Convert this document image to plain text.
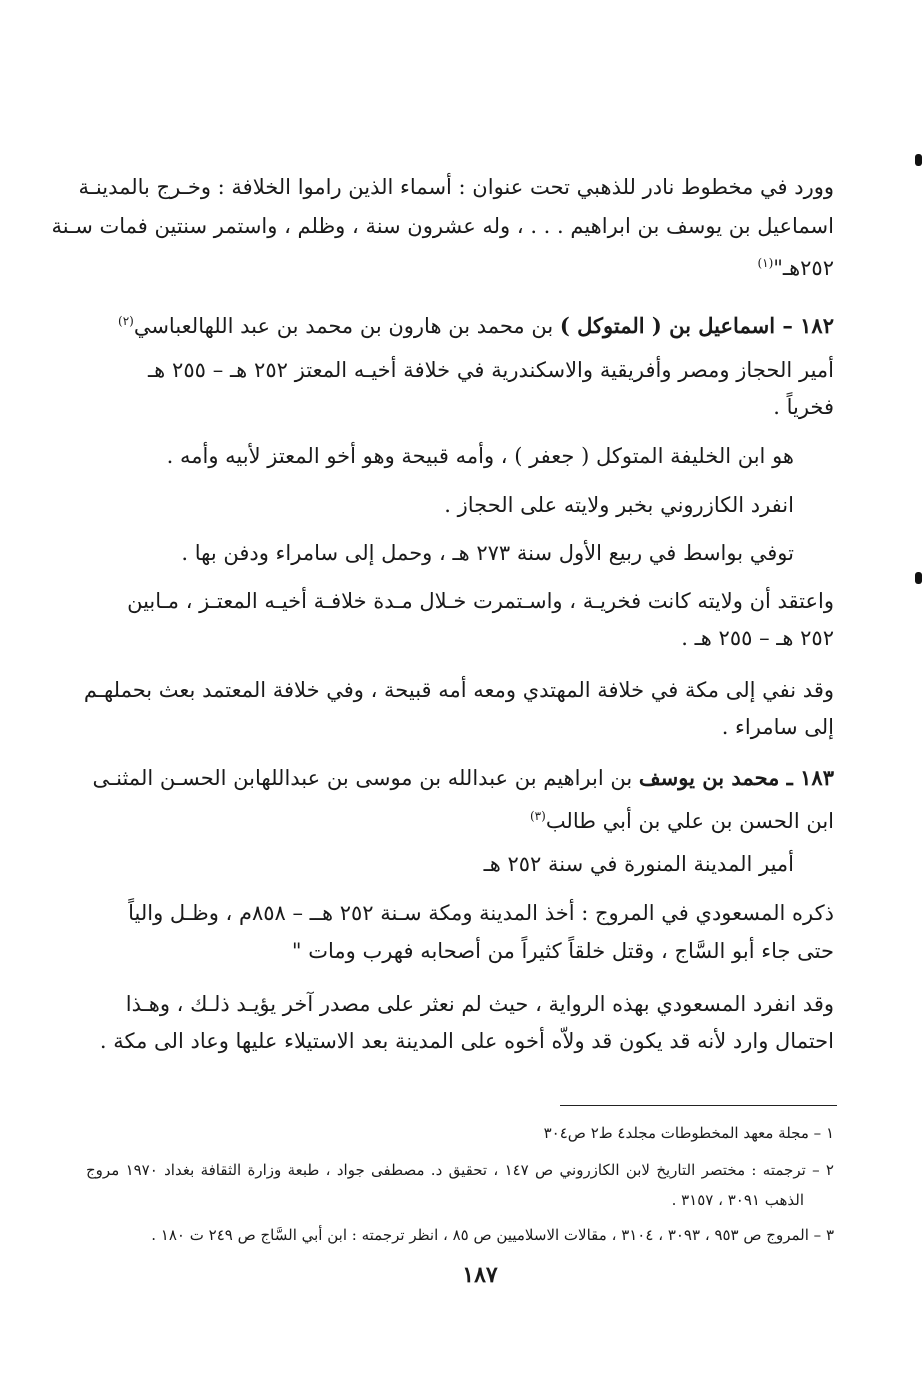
وورد في مخطوط نادر للذهبي تحت عنوان : أسماء الذين راموا الخلافة : وخـرج بالمدينـة
اسماعيل بن يوسف بن ابراهيم . . . ، وله عشرون سنة ، وظلم ، واستمر سنتين فمات سـنة
٢٥٢هـ"$^{(١)}$
١٨٢ – اسماعيل بن ( المتوكل ) بن محمد بن هارون بن محمد بن عبد اللهالعباسي$^{(٢)}$
أمير الحجاز ومصر وأفريقية والاسكندرية في خلافة أخيـه المعتز ٢٥٢ هـ – ٢٥٥ هـ
فخرياً .
هو ابن الخليفة المتوكل ( جعفر ) ، وأمه قبيحة وهو أخو المعتز لأبيه وأمه .
انفرد الكازروني بخبر ولايته على الحجاز .
توفي بواسط في ربيع الأول سنة ٢٧٣ هـ ، وحمل إلى سامراء ودفن بها .
واعتقد أن ولايته كانت فخريـة ، واسـتمرت خـلال مـدة خلافـة أخيـه المعتـز ، مـابين
٢٥٢ هـ – ٢٥٥ هـ .
وقد نفي إلى مكة في خلافة المهتدي ومعه أمه قبيحة ، وفي خلافة المعتمد بعث بحملهـم
إلى سامراء .
١٨٣ ـ محمد بن يوسف بن ابراهيم بن عبدالله بن موسى بن عبداللهابن الحسـن المثنـى
ابن الحسن بن علي بن أبي طالب$^{(٣)}$
أمير المدينة المنورة في سنة ٢٥٢ هـ
ذكره المسعودي في المروج : أخذ المدينة ومكة سـنة ٢٥٢ هــ – ٨٥٨م ، وظـل والياً
حتى جاء أبو السَّاج ، وقتل خلقاً كثيراً من أصحابه فهرب ومات "
وقد انفرد المسعودي بهذه الرواية ، حيث لم نعثر على مصدر آخر يؤيـد ذلـك ، وهـذا
احتمال وارد لأنه قد يكون قد ولاّه أخوه على المدينة بعد الاستيلاء عليها وعاد الى مكة .
١ – مجلة معهد المخطوطات مجلد٤ ط٢ ص٣٠٤
٢ – ترجمته : مختصر التاريخ لابن الكازروني ص ١٤٧ ، تحقيق د. مصطفى جواد ، طبعة وزارة الثقافة بغداد ١٩٧٠ مروج
الذهب ٣٠٩١ ، ٣١٥٧ .
٣ – المروج ص ٩٥٣ ، ٣٠٩٣ ، ٣١٠٤ ، مقالات الاسلاميين ص ٨٥ ، انظر ترجمته : ابن أبي السَّاج ص ٢٤٩ ت ١٨٠ .
١٨٧
